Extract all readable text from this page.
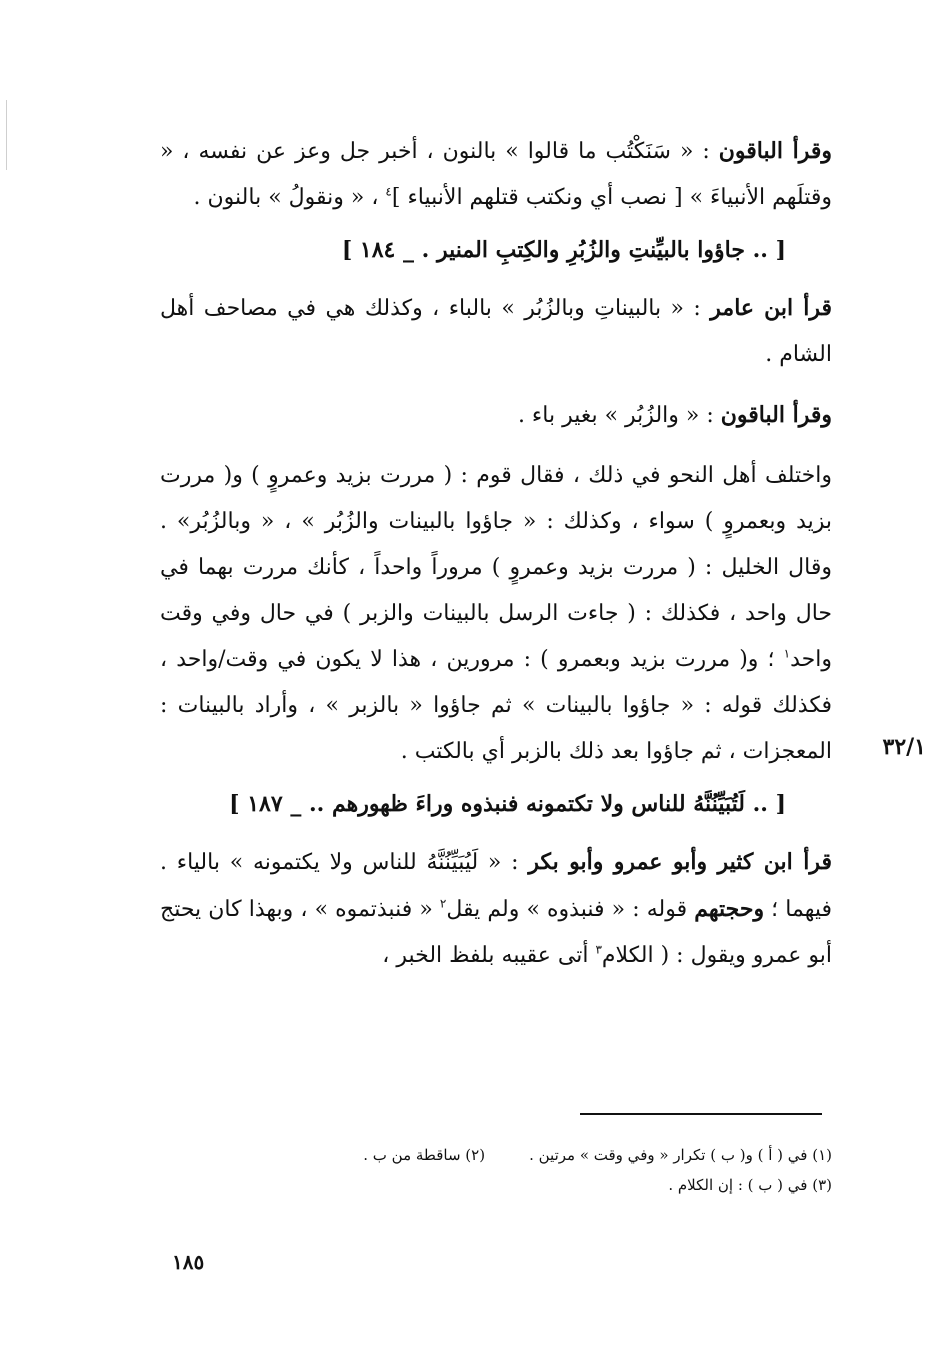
وقرأ الباقون : « سَنَكْتُب ما قالوا » بالنون ، أخبر جل وعز عن نفسه ، « وقتلَهم الأنبياءَ » [ نصب أي ونكتب قتلهم الأنبياء ]$^٤$ ، « ونقولُ » بالنون .

[ .. جاؤوا بالبيِّنتِ والزُبُرِ والكِتبِ المنير . _ ١٨٤ ]

قرأ ابن عامر : « بالبيناتِ وبالزُبُر » بالباء ، وكذلك هي في مصاحف أهل الشام .

وقرأ الباقون : « والزُبُر » بغير باء .

واختلف أهل النحو في ذلك ، فقال قوم : ( مررت بزيد وعمروٍ ) و( مررت بزيد وبعمروٍ ) سواء ، وكذلك : « جاؤوا بالبينات والزُبُر » ، « وبالزُبُر» . وقال الخليل : ( مررت بزيد وعمروٍ ) مروراً واحداً ، كأنك مررت بهما في حال واحد ، فكذلك : ( جاءت الرسل بالبينات والزبر ) في حال وفي وقت واحد$^١$ ؛ و( مررت بزيد وبعمرو ) : مرورين ، هذا لا يكون في وقت/واحد ، فكذلك قوله : « جاؤوا بالبينات » ثم جاؤوا « بالزبر » ، وأراد بالبينات : المعجزات ، ثم جاؤوا بعد ذلك بالزبر أي بالكتب .

[ .. لَتُبَيِّنُنَّهُ للناس ولا تكتمونه فنبذوه وراءَ ظهورهم .. _ ١٨٧ ]

قرأ ابن كثير وأبو عمرو وأبو بكر : « لَيُبَيِّنُنَّهُ للناس ولا يكتمونه » بالياء . فيهما ؛ وحجتهم قوله : « فنبذوه » ولم يقل$^٢$ « فنبذتموه » ، وبهذا كان يحتج أبو عمرو ويقول : ( الكلام$^٣$ أتى عقيبه بلفظ الخبر ،

٣٢/١
(١) في ( أ ) و( ب ) تكرار « وفي وقت » مرتين .
(٢) ساقطة من ب .
(٣) في ( ب ) : إن الكلام .
١٨٥
